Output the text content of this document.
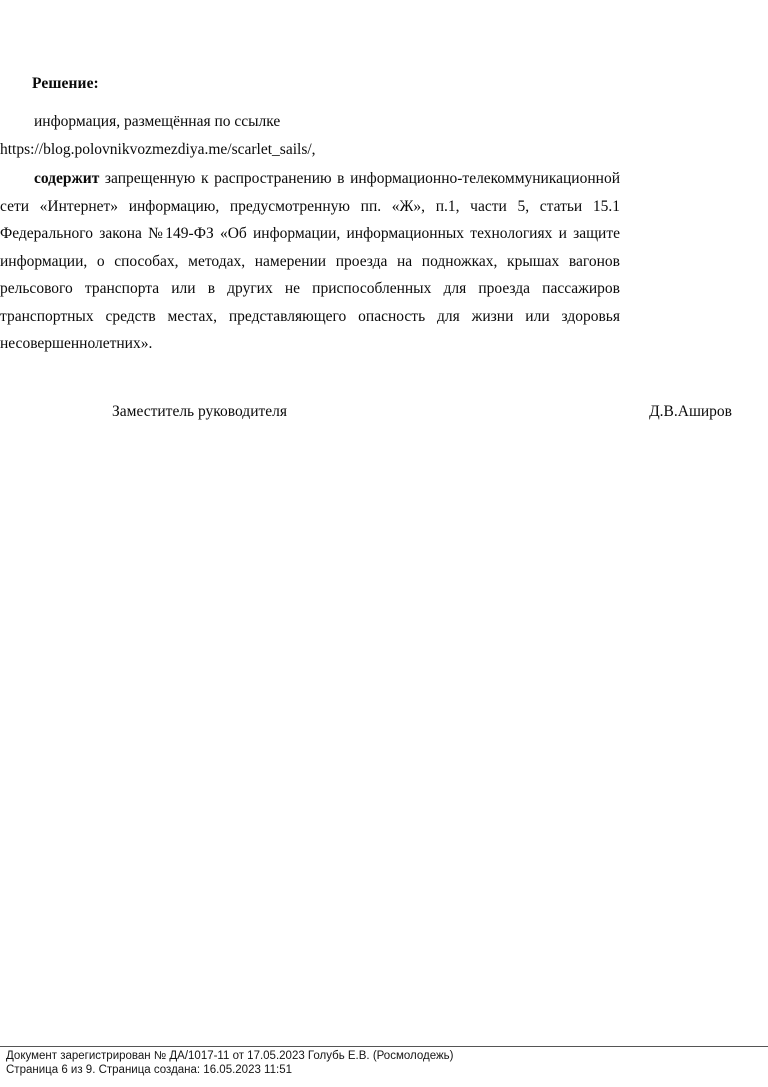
Решение:
информация, размещённая по ссылке
https://blog.polovnikvozmezdiya.me/scarlet_sails/,

содержит запрещенную к распространению в информационно-телекоммуникационной сети «Интернет» информацию, предусмотренную пп. «Ж», п.1, части 5, статьи 15.1 Федерального закона №149-ФЗ «Об информации, информационных технологиях и защите информации, о способах, методах, намерении проезда на подножках, крышах вагонов рельсового транспорта или в других не приспособленных для проезда пассажиров транспортных средств местах, представляющего опасность для жизни или здоровья несовершеннолетних».

Заместитель руководителя	Д.В.Аширов
Документ зарегистрирован № ДА/1017-11 от 17.05.2023 Голубь Е.В. (Росмолодежь)
Страница 6 из 9. Страница создана: 16.05.2023 11:51
